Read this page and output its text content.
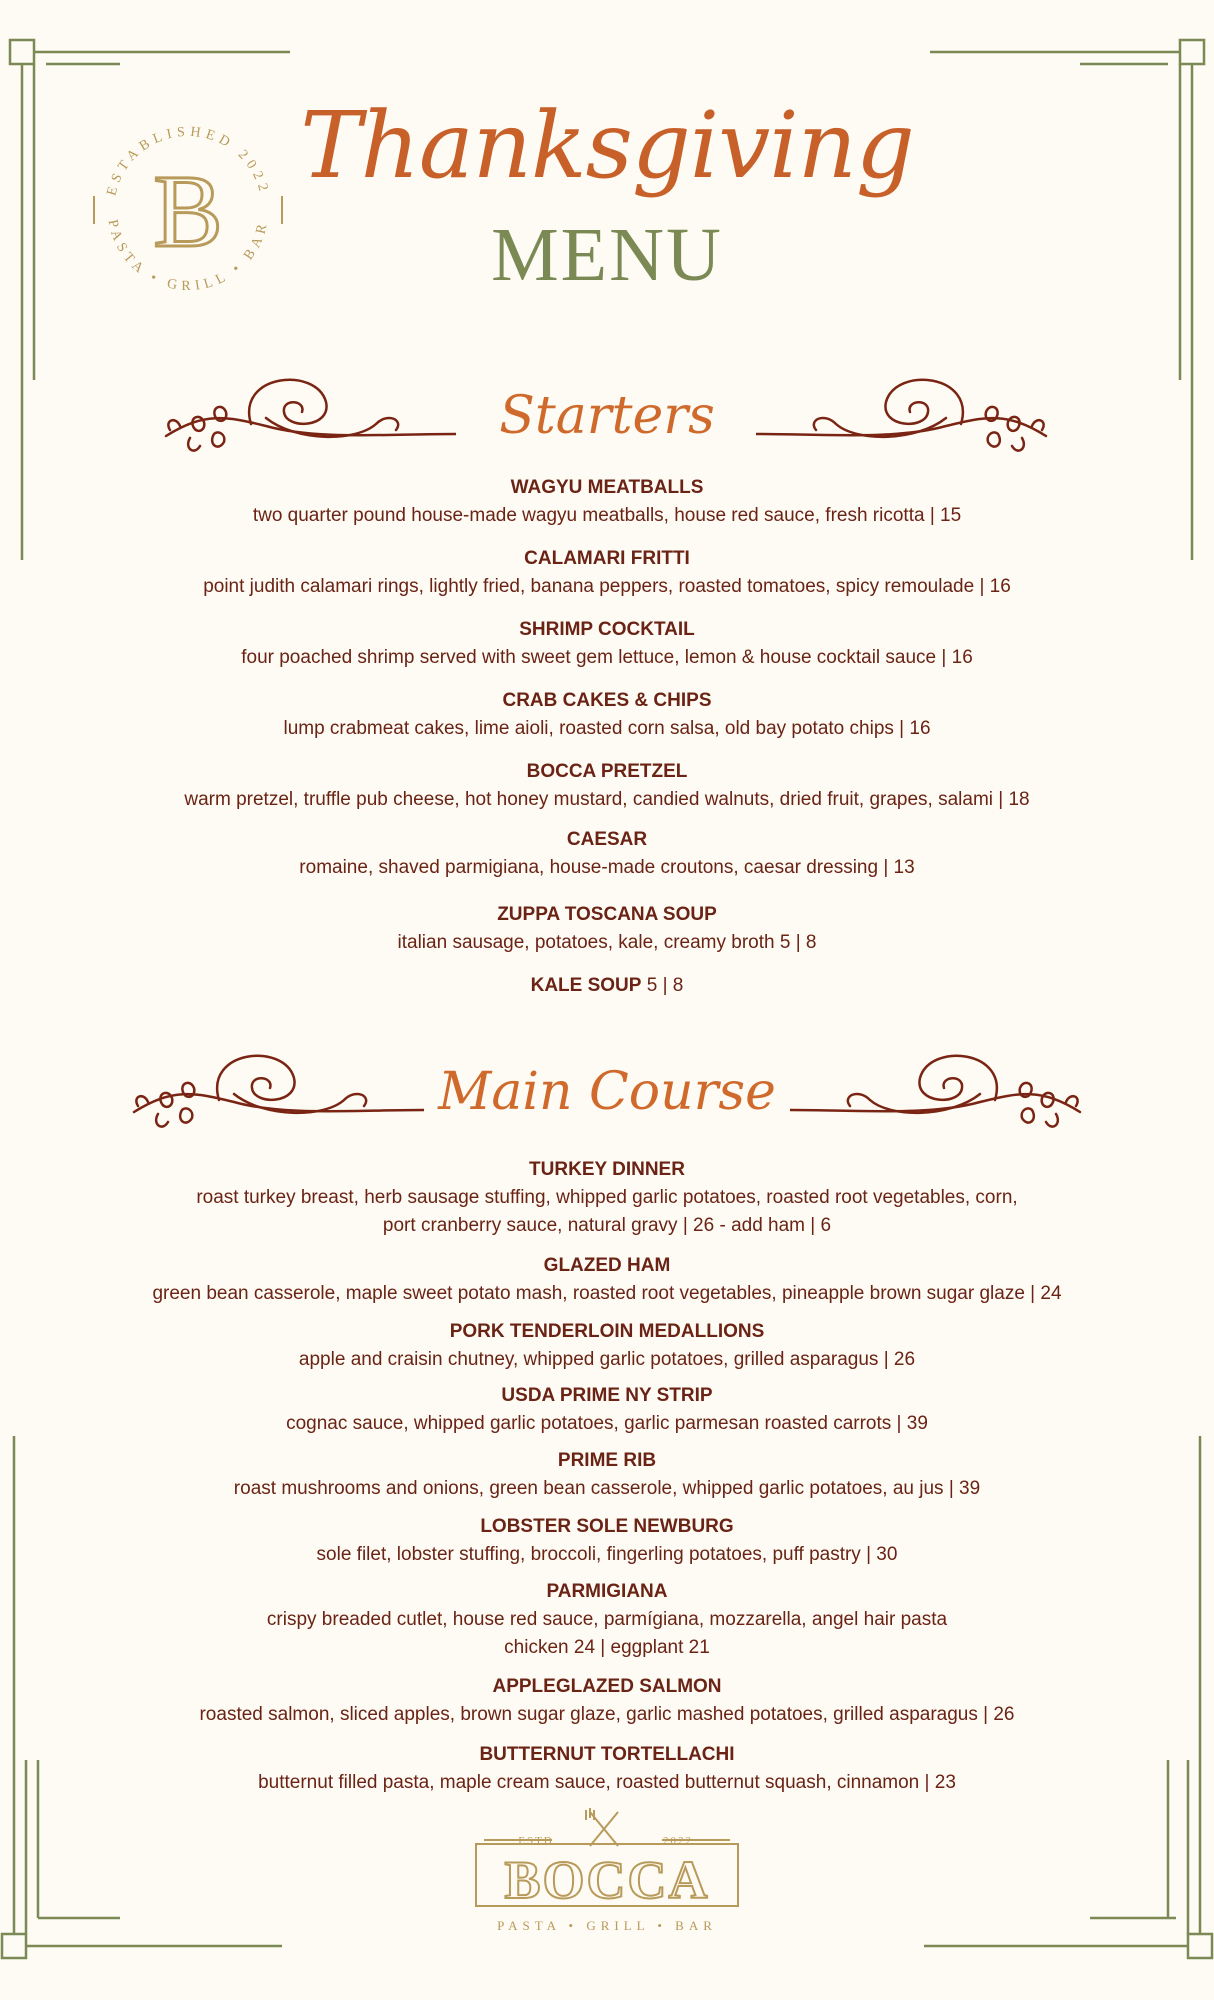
ESTABLISHED 2022
PASTA • GRILL • BAR
B
Thanksgiving
MENU
Starters
WAGYU MEATBALLS
two quarter pound house-made wagyu meatballs, house red sauce, fresh ricotta | 15
CALAMARI FRITTI
point judith calamari rings, lightly fried, banana peppers, roasted tomatoes, spicy remoulade | 16
SHRIMP COCKTAIL
four poached shrimp served with sweet gem lettuce, lemon & house cocktail sauce | 16
CRAB CAKES & CHIPS
lump crabmeat cakes, lime aioli, roasted corn salsa, old bay potato chips | 16
BOCCA PRETZEL
warm pretzel, truffle pub cheese, hot honey mustard, candied walnuts, dried fruit, grapes, salami | 18
CAESAR
romaine, shaved parmigiana, house-made croutons, caesar dressing | 13
ZUPPA TOSCANA SOUP
italian sausage, potatoes, kale, creamy broth 5 | 8
KALE SOUP 5 | 8
Main Course
TURKEY DINNER
roast turkey breast, herb sausage stuffing, whipped garlic potatoes, roasted root vegetables, corn,
port cranberry sauce, natural gravy | 26 - add ham | 6
GLAZED HAM
green bean casserole, maple sweet potato mash, roasted root vegetables, pineapple brown sugar glaze | 24
PORK TENDERLOIN MEDALLIONS
apple and craisin chutney, whipped garlic potatoes, grilled asparagus | 26
USDA PRIME NY STRIP
cognac sauce, whipped garlic potatoes, garlic parmesan roasted carrots | 39
PRIME RIB
roast mushrooms and onions, green bean casserole, whipped garlic potatoes, au jus | 39
LOBSTER SOLE NEWBURG
sole filet, lobster stuffing, broccoli, fingerling potatoes, puff pastry | 30
PARMIGIANA
crispy breaded cutlet, house red sauce, parmígiana, mozzarella, angel hair pasta
chicken 24 | eggplant 21
APPLEGLAZED SALMON
roasted salmon, sliced apples, brown sugar glaze, garlic mashed potatoes, grilled asparagus | 26
BUTTERNUT TORTELLACHI
butternut filled pasta, maple cream sauce, roasted butternut squash, cinnamon | 23
ESTD	2022
BOCCA
PASTA • GRILL • BAR
